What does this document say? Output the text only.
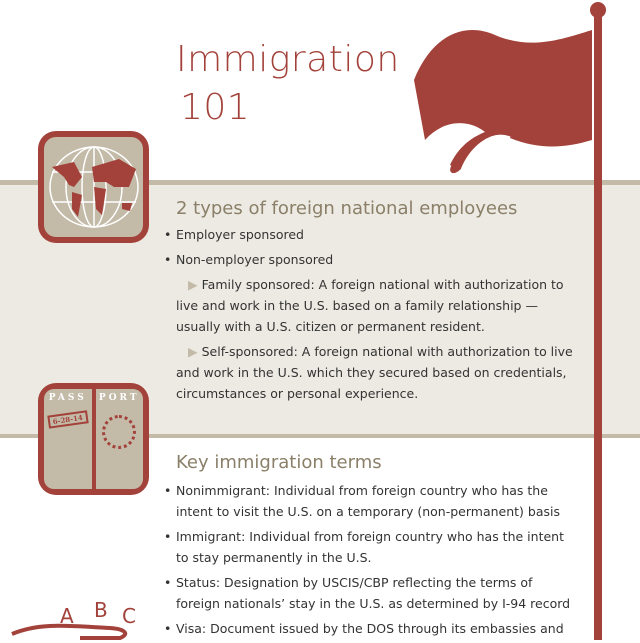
Immigration
101
2 types of foreign national employees
• Employer sponsored
• Non-employer sponsored
▶ Family sponsored: A foreign national with authorization to live and work in the U.S. based on a family relationship — usually with a U.S. citizen or permanent resident.
▶ Self-sponsored: A foreign national with authorization to live and work in the U.S. which they secured based on credentials, circumstances or personal experience.
PASS
6-28-14
PORT
Key immigration terms
• Nonimmigrant: Individual from foreign country who has the intent to visit the U.S. on a temporary (non-permanent) basis
• Immigrant: Individual from foreign country who has the intent to stay permanently in the U.S.
• Status: Designation by USCIS/CBP reflecting the terms of foreign nationals’ stay in the U.S. as determined by I-94 record
• Visa: Document issued by the DOS through its embassies and
A B C
